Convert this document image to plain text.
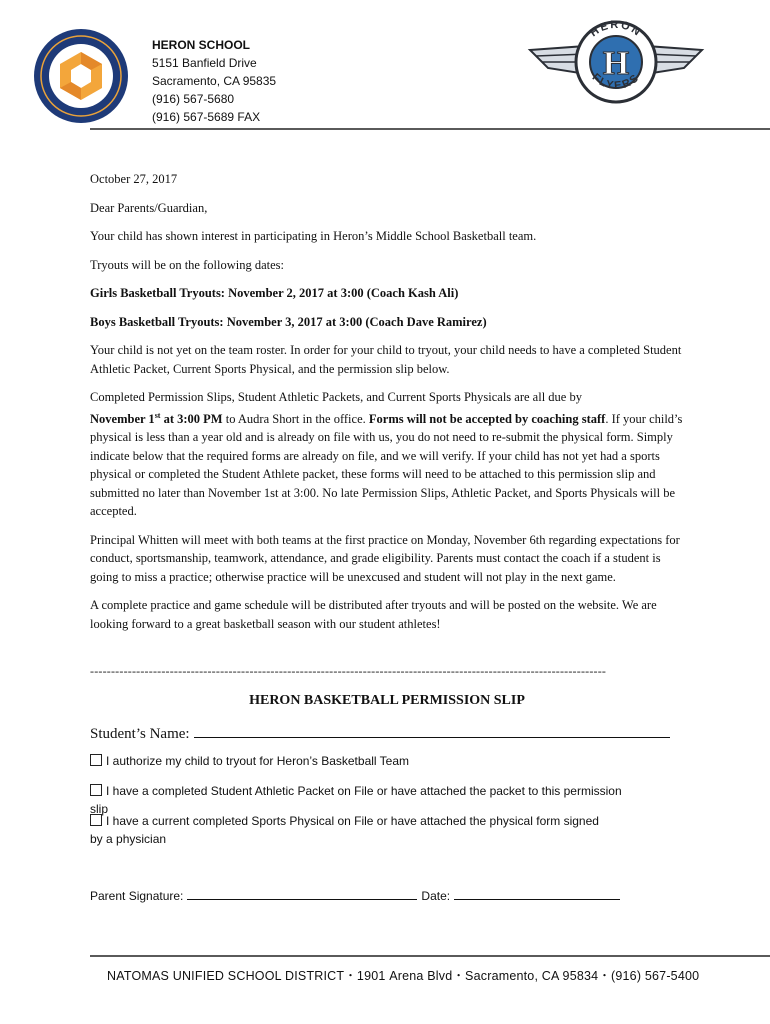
HERON SCHOOL
5151 Banfield Drive
Sacramento, CA 95835
(916) 567-5680
(916) 567-5689 FAX
HERON
FLYERS
H

October 27, 2017

Dear Parents/Guardian,

Your child has shown interest in participating in Heron’s Middle School Basketball team.

Tryouts will be on the following dates:

Girls Basketball Tryouts: November 2, 2017 at 3:00 (Coach Kash Ali)

Boys Basketball Tryouts: November 3, 2017 at 3:00 (Coach Dave Ramirez)

Your child is not yet on the team roster. In order for your child to tryout, your child needs to have a completed Student Athletic Packet, Current Sports Physical, and the permission slip below.

Completed Permission Slips, Student Athletic Packets, and Current Sports Physicals are all due by
November 1st at 3:00 PM to Audra Short in the office. Forms will not be accepted by coaching staff. If your child’s physical is less than a year old and is already on file with us, you do not need to re-submit the physical form. Simply indicate below that the required forms are already on file, and we will verify. If your child has not yet had a sports physical or completed the Student Athlete packet, these forms will need to be attached to this permission slip and submitted no later than November 1st at 3:00. No late Permission Slips, Athletic Packet, and Sports Physicals will be accepted.

Principal Whitten will meet with both teams at the first practice on Monday, November 6th regarding expectations for conduct, sportsmanship, teamwork, attendance, and grade eligibility. Parents must contact the coach if a student is going to miss a practice; otherwise practice will be unexcused and student will not play in the next game.

A complete practice and game schedule will be distributed after tryouts and will be posted on the website. We are looking forward to a great basketball season with our student athletes!

---------------------------------------------------------------------------------------------------------------------------
HERON BASKETBALL PERMISSION SLIP
Student’s Name:
I authorize my child to tryout for Heron’s Basketball Team
I have a completed Student Athletic Packet on File or have attached the packet to this permission slip
I have a current completed Sports Physical on File or have attached the physical form signed by a physician
Parent Signature:	Date:
NATOMAS UNIFIED SCHOOL DISTRICT・1901 Arena Blvd・Sacramento, CA 95834・(916) 567-5400
